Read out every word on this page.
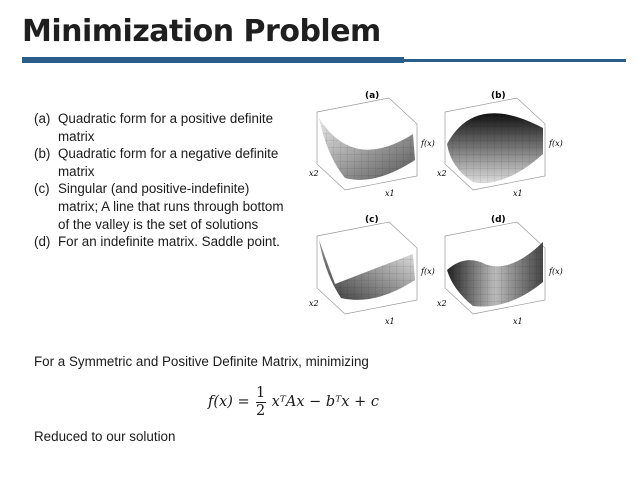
Minimization Problem
(a) Quadratic form for a positive definite matrix
(b) Quadratic form for a negative definite matrix
(c) Singular (and positive-indefinite) matrix; A line that runs through bottom of the valley is the set of solutions
(d) For an indefinite matrix. Saddle point.
(a)
f(x)
x2
x1
(b)
f(x)
x2
x1
(c)
f(x)
x2
x1
(d)
f(x)
x2
x1
For a Symmetric and Positive Definite Matrix, minimizing
$f(x) = \frac{1}{2}$ xᵀAx − bᵀx + c
Reduced to our solution
